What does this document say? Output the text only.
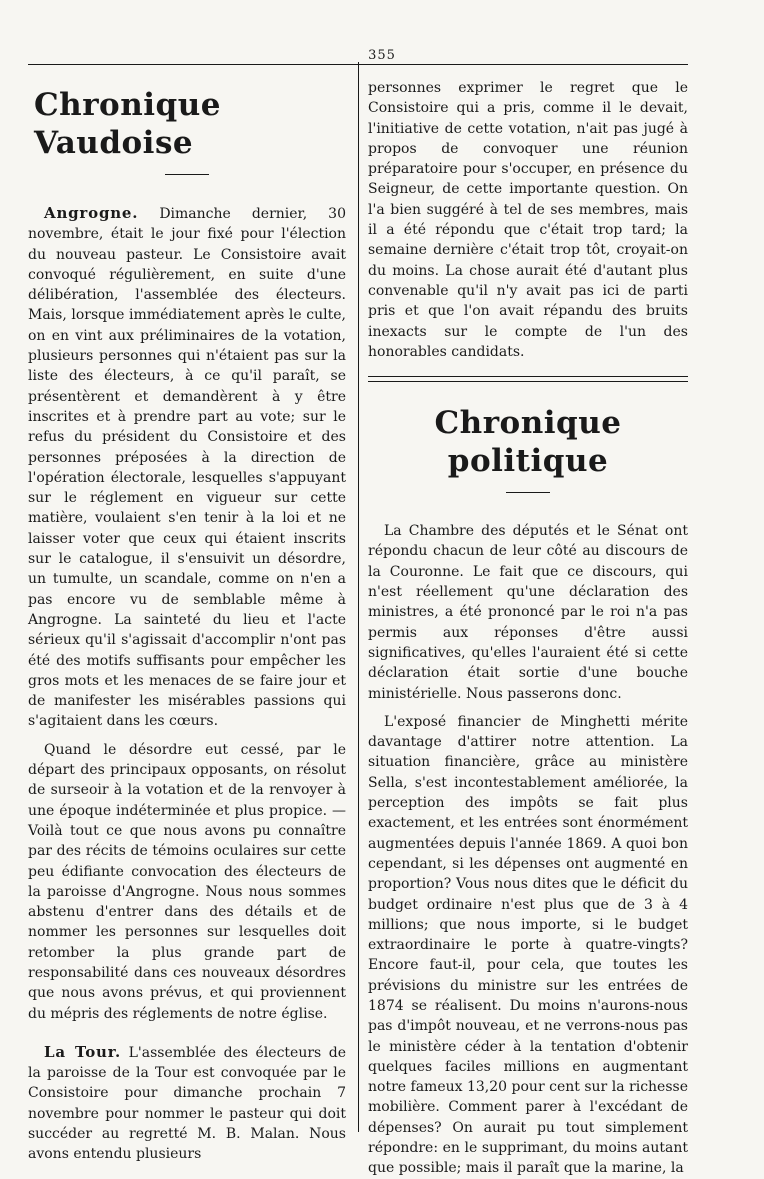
355
Chronique Vaudoise

Angrogne. Dimanche dernier, 30 novembre, était le jour fixé pour l'élection du nouveau pasteur. Le Consistoire avait convoqué régulièrement, en suite d'une délibération, l'assemblée des électeurs. Mais, lorsque immédiatement après le culte, on en vint aux préliminaires de la votation, plusieurs personnes qui n'étaient pas sur la liste des électeurs, à ce qu'il paraît, se présentèrent et demandèrent à y être inscrites et à prendre part au vote; sur le refus du président du Consistoire et des personnes préposées à la direction de l'opération électorale, lesquelles s'appuyant sur le réglement en vigueur sur cette matière, voulaient s'en tenir à la loi et ne laisser voter que ceux qui étaient inscrits sur le catalogue, il s'ensuivit un désordre, un tumulte, un scandale, comme on n'en a pas encore vu de semblable même à Angrogne. La sainteté du lieu et l'acte sérieux qu'il s'agissait d'accomplir n'ont pas été des motifs suffisants pour empêcher les gros mots et les menaces de se faire jour et de manifester les misérables passions qui s'agitaient dans les cœurs.

Quand le désordre eut cessé, par le départ des principaux opposants, on résolut de surseoir à la votation et de la renvoyer à une époque indéterminée et plus propice. — Voilà tout ce que nous avons pu connaître par des récits de témoins oculaires sur cette peu édifiante convocation des électeurs de la paroisse d'Angrogne. Nous nous sommes abstenu d'entrer dans des détails et de nommer les personnes sur lesquelles doit retomber la plus grande part de responsabilité dans ces nouveaux désordres que nous avons prévus, et qui proviennent du mépris des réglements de notre église.

La Tour. L'assemblée des électeurs de la paroisse de la Tour est convoquée par le Consistoire pour dimanche prochain 7 novembre pour nommer le pasteur qui doit succéder au regretté M. B. Malan. Nous avons entendu plusieurs

personnes exprimer le regret que le Consistoire qui a pris, comme il le devait, l'initiative de cette votation, n'ait pas jugé à propos de convoquer une réunion préparatoire pour s'occuper, en présence du Seigneur, de cette importante question. On l'a bien suggéré à tel de ses membres, mais il a été répondu que c'était trop tard; la semaine dernière c'était trop tôt, croyait-on du moins. La chose aurait été d'autant plus convenable qu'il n'y avait pas ici de parti pris et que l'on avait répandu des bruits inexacts sur le compte de l'un des honorables candidats.

Chronique politique

La Chambre des députés et le Sénat ont répondu chacun de leur côté au discours de la Couronne. Le fait que ce discours, qui n'est réellement qu'une déclaration des ministres, a été prononcé par le roi n'a pas permis aux réponses d'être aussi significatives, qu'elles l'auraient été si cette déclaration était sortie d'une bouche ministérielle. Nous passerons donc.

L'exposé financier de Minghetti mérite davantage d'attirer notre attention. La situation financière, grâce au ministère Sella, s'est incontestablement améliorée, la perception des impôts se fait plus exactement, et les entrées sont énormément augmentées depuis l'année 1869. A quoi bon cependant, si les dépenses ont augmenté en proportion? Vous nous dites que le déficit du budget ordinaire n'est plus que de 3 à 4 millions; que nous importe, si le budget extraordinaire le porte à quatre-vingts? Encore faut-il, pour cela, que toutes les prévisions du ministre sur les entrées de 1874 se réalisent. Du moins n'aurons-nous pas d'impôt nouveau, et ne verrons-nous pas le ministère céder à la tentation d'obtenir quelques faciles millions en augmentant notre fameux 13,20 pour cent sur la richesse mobilière. Comment parer à l'excédant de dépenses? On aurait pu tout simplement répondre: en le supprimant, du moins autant que possible; mais il paraît que la marine, la
